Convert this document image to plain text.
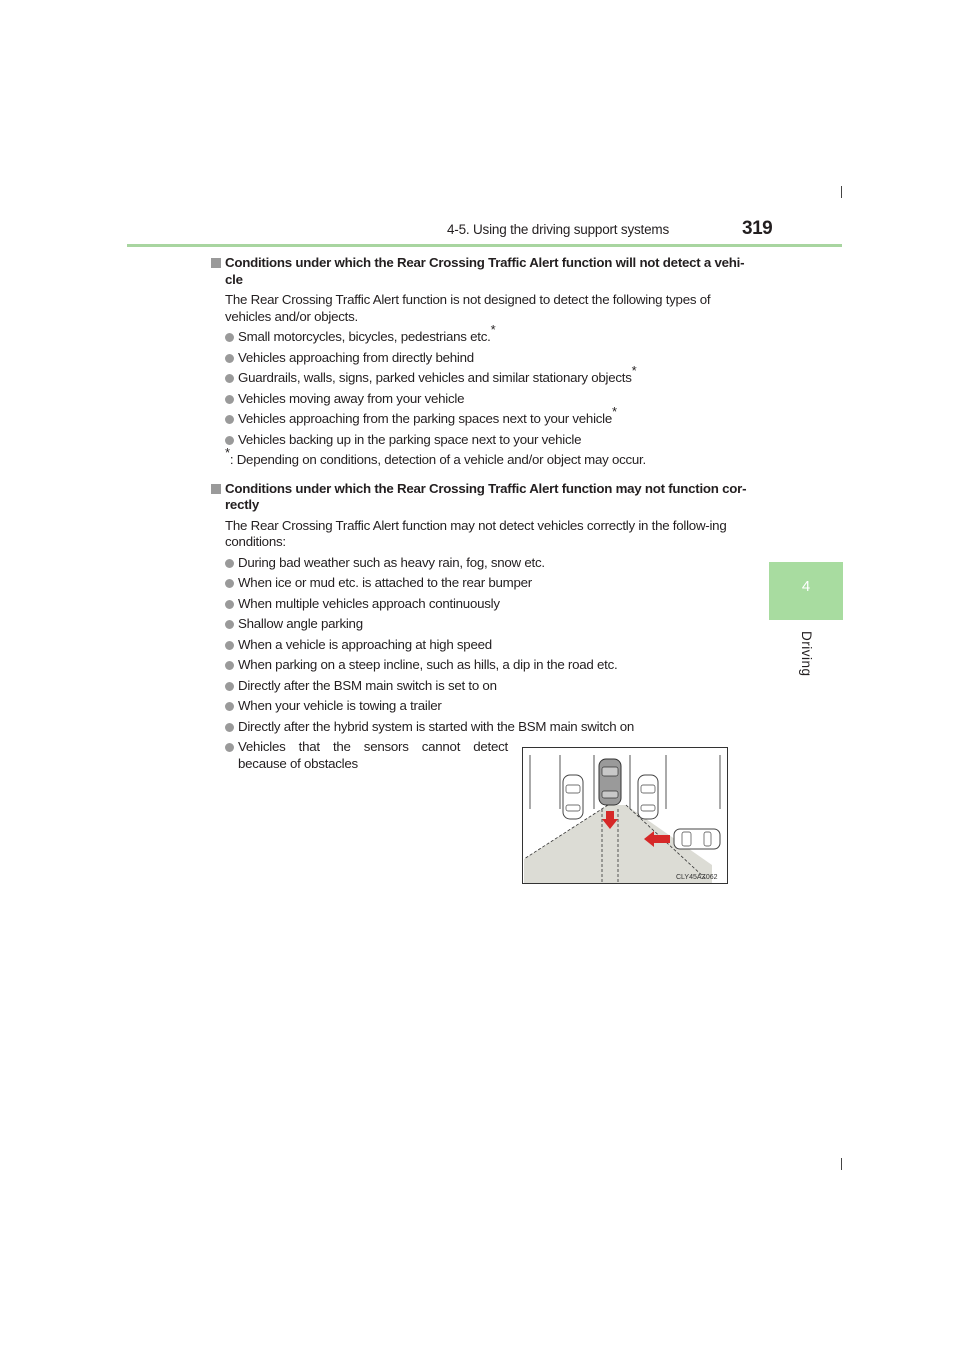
4-5. Using the driving support systems	319
4
Driving
Conditions under which the Rear Crossing Traffic Alert function will not detect a vehi-cle
The Rear Crossing Traffic Alert function is not designed to detect the following types of vehicles and/or objects.
Small motorcycles, bicycles, pedestrians etc.*
Vehicles approaching from directly behind
Guardrails, walls, signs, parked vehicles and similar stationary objects*
Vehicles moving away from your vehicle
Vehicles approaching from the parking spaces next to your vehicle*
Vehicles backing up in the parking space next to your vehicle
*: Depending on conditions, detection of a vehicle and/or object may occur.
Conditions under which the Rear Crossing Traffic Alert function may not function cor-rectly
The Rear Crossing Traffic Alert function may not detect vehicles correctly in the follow-ing conditions:
During bad weather such as heavy rain, fog, snow etc.
When ice or mud etc. is attached to the rear bumper
When multiple vehicles approach continuously
Shallow angle parking
When a vehicle is approaching at high speed
When parking on a steep incline, such as hills, a dip in the road etc.
Directly after the BSM main switch is set to on
When your vehicle is towing a trailer
Directly after the hybrid system is started with the BSM main switch on
Vehicles that the sensors cannot detect
because of obstacles
CLY45AZ062
